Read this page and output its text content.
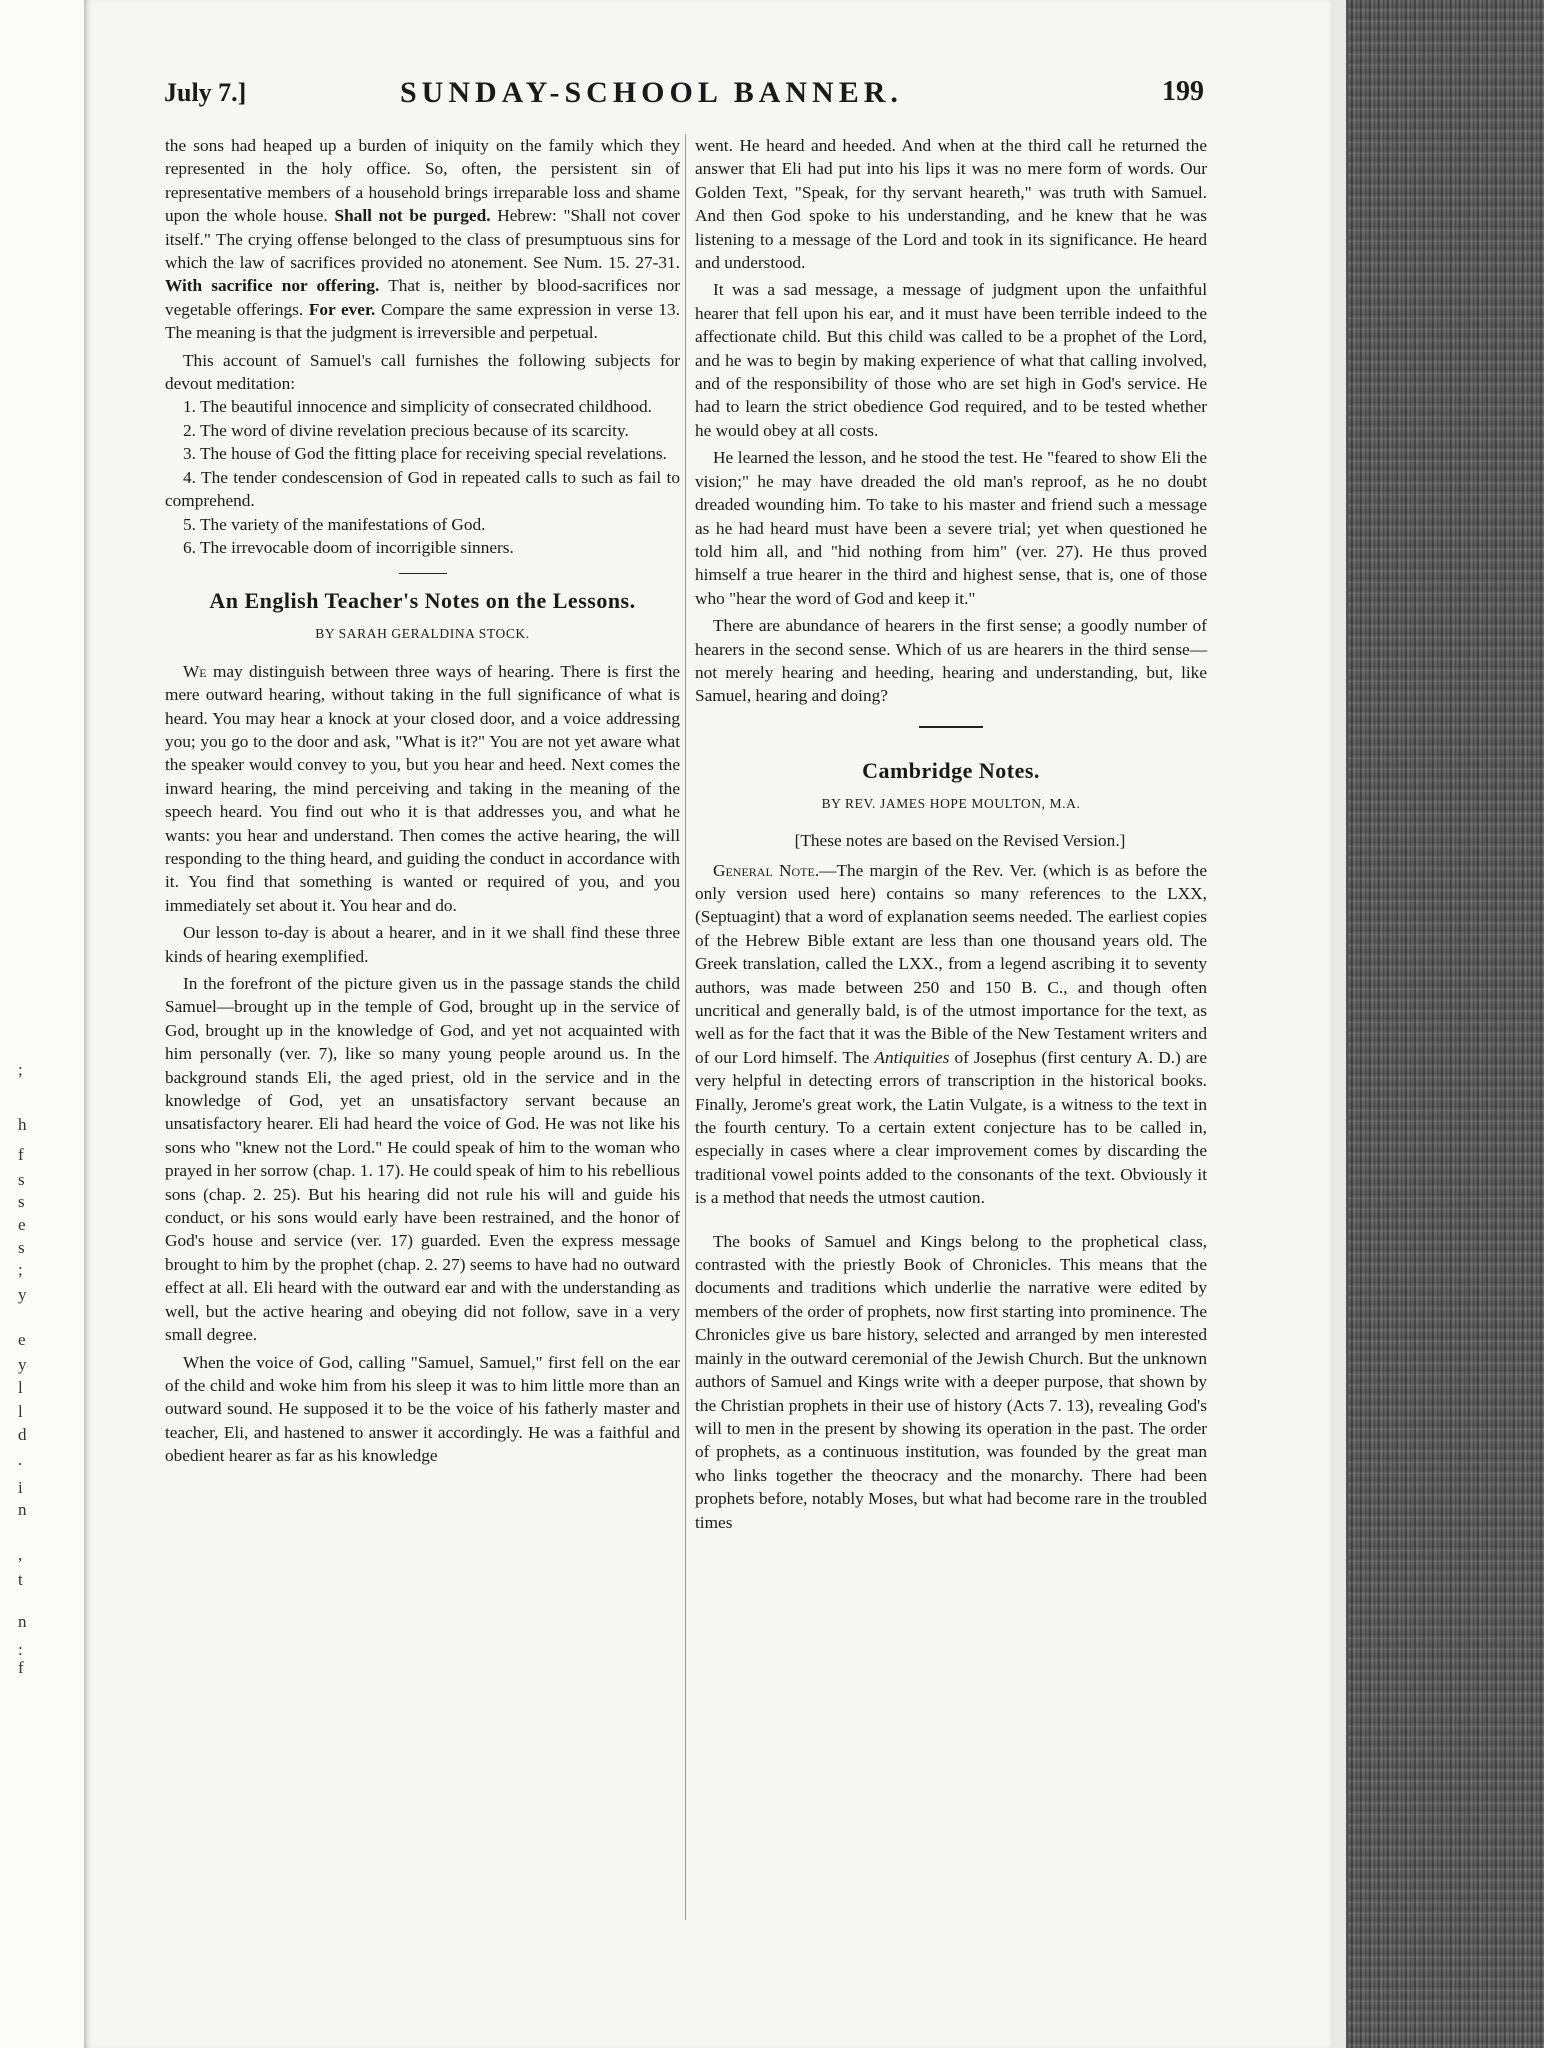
;
h
f
s
s
e
s
;
y
e
y
l
l
d
.
i
n
,
t
n
:
f
July 7.]	SUNDAY-SCHOOL BANNER.	199

the sons had heaped up a burden of iniquity on the family which they represented in the holy office. So, often, the persistent sin of representative members of a household brings irreparable loss and shame upon the whole house. Shall not be purged. Hebrew: "Shall not cover itself." The crying offense belonged to the class of presumptuous sins for which the law of sacrifices provided no atonement. See Num. 15. 27-31. With sacrifice nor offering. That is, neither by blood-sacrifices nor vegetable offerings. For ever. Compare the same expression in verse 13. The meaning is that the judgment is irreversible and perpetual.

This account of Samuel's call furnishes the following subjects for devout meditation:

1. The beautiful innocence and simplicity of consecrated childhood.

2. The word of divine revelation precious because of its scarcity.

3. The house of God the fitting place for receiving special revelations.

4. The tender condescension of God in repeated calls to such as fail to comprehend.

5. The variety of the manifestations of God.

6. The irrevocable doom of incorrigible sinners.

An English Teacher's Notes on the Lessons.
BY SARAH GERALDINA STOCK.

We may distinguish between three ways of hearing. There is first the mere outward hearing, without taking in the full significance of what is heard. You may hear a knock at your closed door, and a voice addressing you; you go to the door and ask, "What is it?" You are not yet aware what the speaker would convey to you, but you hear and heed. Next comes the inward hearing, the mind perceiving and taking in the meaning of the speech heard. You find out who it is that addresses you, and what he wants: you hear and understand. Then comes the active hearing, the will responding to the thing heard, and guiding the conduct in accordance with it. You find that something is wanted or required of you, and you immediately set about it. You hear and do.

Our lesson to-day is about a hearer, and in it we shall find these three kinds of hearing exemplified.

In the forefront of the picture given us in the passage stands the child Samuel—brought up in the temple of God, brought up in the service of God, brought up in the knowledge of God, and yet not acquainted with him personally (ver. 7), like so many young people around us. In the background stands Eli, the aged priest, old in the service and in the knowledge of God, yet an unsatisfactory servant because an unsatisfactory hearer. Eli had heard the voice of God. He was not like his sons who "knew not the Lord." He could speak of him to the woman who prayed in her sorrow (chap. 1. 17). He could speak of him to his rebellious sons (chap. 2. 25). But his hearing did not rule his will and guide his conduct, or his sons would early have been restrained, and the honor of God's house and service (ver. 17) guarded. Even the express message brought to him by the prophet (chap. 2. 27) seems to have had no outward effect at all. Eli heard with the outward ear and with the understanding as well, but the active hearing and obeying did not follow, save in a very small degree.

When the voice of God, calling "Samuel, Samuel," first fell on the ear of the child and woke him from his sleep it was to him little more than an outward sound. He supposed it to be the voice of his fatherly master and teacher, Eli, and hastened to answer it accordingly. He was a faithful and obedient hearer as far as his knowledge

went. He heard and heeded. And when at the third call he returned the answer that Eli had put into his lips it was no mere form of words. Our Golden Text, "Speak, for thy servant heareth," was truth with Samuel. And then God spoke to his understanding, and he knew that he was listening to a message of the Lord and took in its significance. He heard and understood.

It was a sad message, a message of judgment upon the unfaithful hearer that fell upon his ear, and it must have been terrible indeed to the affectionate child. But this child was called to be a prophet of the Lord, and he was to begin by making experience of what that calling involved, and of the responsibility of those who are set high in God's service. He had to learn the strict obedience God required, and to be tested whether he would obey at all costs.

He learned the lesson, and he stood the test. He "feared to show Eli the vision;" he may have dreaded the old man's reproof, as he no doubt dreaded wounding him. To take to his master and friend such a message as he had heard must have been a severe trial; yet when questioned he told him all, and "hid nothing from him" (ver. 27). He thus proved himself a true hearer in the third and highest sense, that is, one of those who "hear the word of God and keep it."

There are abundance of hearers in the first sense; a goodly number of hearers in the second sense. Which of us are hearers in the third sense—not merely hearing and heeding, hearing and understanding, but, like Samuel, hearing and doing?

Cambridge Notes.
BY REV. JAMES HOPE MOULTON, M.A.

[These notes are based on the Revised Version.]

General Note.—The margin of the Rev. Ver. (which is as before the only version used here) contains so many references to the LXX, (Septuagint) that a word of explanation seems needed. The earliest copies of the Hebrew Bible extant are less than one thousand years old. The Greek translation, called the LXX., from a legend ascribing it to seventy authors, was made between 250 and 150 B. C., and though often uncritical and generally bald, is of the utmost importance for the text, as well as for the fact that it was the Bible of the New Testament writers and of our Lord himself. The Antiquities of Josephus (first century A. D.) are very helpful in detecting errors of transcription in the historical books. Finally, Jerome's great work, the Latin Vulgate, is a witness to the text in the fourth century. To a certain extent conjecture has to be called in, especially in cases where a clear improvement comes by discarding the traditional vowel points added to the consonants of the text. Obviously it is a method that needs the utmost caution.

The books of Samuel and Kings belong to the prophetical class, contrasted with the priestly Book of Chronicles. This means that the documents and traditions which underlie the narrative were edited by members of the order of prophets, now first starting into prominence. The Chronicles give us bare history, selected and arranged by men interested mainly in the outward ceremonial of the Jewish Church. But the unknown authors of Samuel and Kings write with a deeper purpose, that shown by the Christian prophets in their use of history (Acts 7. 13), revealing God's will to men in the present by showing its operation in the past. The order of prophets, as a continuous institution, was founded by the great man who links together the theocracy and the monarchy. There had been prophets before, notably Moses, but what had become rare in the troubled times
